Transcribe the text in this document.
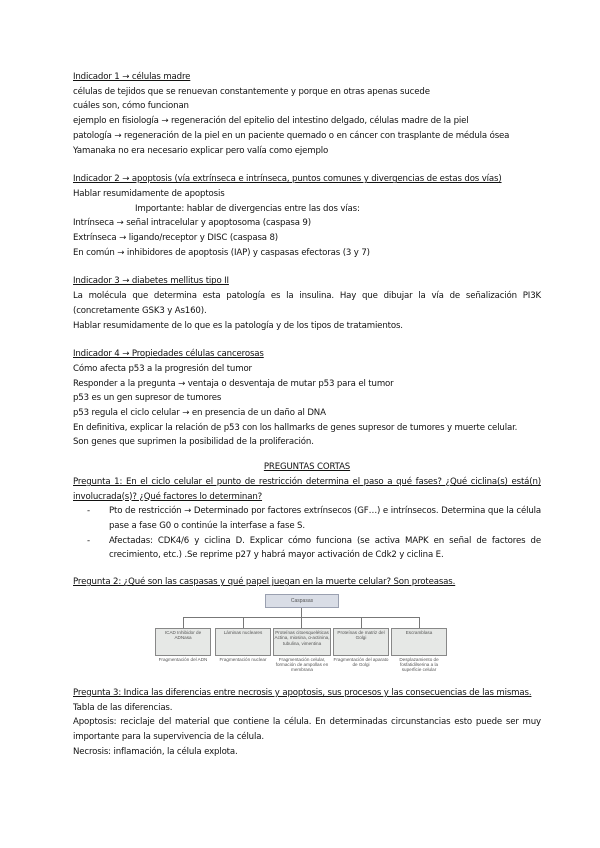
Indicador 1 → células madre
células de tejidos que se renuevan constantemente y porque en otras apenas sucede
cuáles son, cómo funcionan
ejemplo en fisiología → regeneración del epitelio del intestino delgado, células madre de la piel
patología → regeneración de la piel en un paciente quemado o en cáncer con trasplante de médula ósea
Yamanaka no era necesario explicar pero valía como ejemplo
Indicador 2 → apoptosis (vía extrínseca e intrínseca, puntos comunes y divergencias de estas dos vías)
Hablar resumidamente de apoptosis
Importante: hablar de divergencias entre las dos vías:
Intrínseca → señal intracelular y apoptosoma (caspasa 9)
Extrínseca → ligando/receptor y DISC (caspasa 8)
En común → inhibidores de apoptosis (IAP) y caspasas efectoras (3 y 7)
Indicador 3 → diabetes mellitus tipo II
La molécula que determina esta patología es la insulina. Hay que dibujar la vía de señalización PI3K (concretamente GSK3 y As160).
Hablar resumidamente de lo que es la patología y de los tipos de tratamientos.
Indicador 4 → Propiedades células cancerosas
Cómo afecta p53 a la progresión del tumor
Responder a la pregunta → ventaja o desventaja de mutar p53 para el tumor
p53 es un gen supresor de tumores
p53 regula el ciclo celular → en presencia de un daño al DNA
En definitiva, explicar la relación de p53 con los hallmarks de genes supresor de tumores y muerte celular.
Son genes que suprimen la posibilidad de la proliferación.
PREGUNTAS CORTAS
Pregunta 1: En el ciclo celular el punto de restricción determina el paso a qué fases? ¿Qué ciclina(s) está(n) involucrada(s)? ¿Qué factores lo determinan?
- Pto de restricción → Determinado por factores extrínsecos (GF…) e intrínsecos. Determina que la célula pase a fase G0 o continúe la interfase a fase S.
- Afectadas: CDK4/6 y ciclina D. Explicar cómo funciona (se activa MAPK en señal de factores de crecimiento, etc.) .Se reprime p27 y habrá mayor activación de Cdk2 y ciclina E.
Pregunta 2: ¿Qué son las caspasas y qué papel juegan en la muerte celular? Son proteasas.
Caspasas
ICAD Inhibidor de ADNasa
Láminas nucleares	Proteínas citoesqueléticas Actina, miosina, α-actinina, tubulina, vimentina
Proteínas de matriz del Golgi
Escramblasa
Fragmentación del ADN	Fragmentación nuclear	Fragmentación celular, formación de ampollas en membrana
Fragmentación del aparato de Golgi
Desplazamiento de fosfatidilserina a la superficie celular
Pregunta 3: Indica las diferencias entre necrosis y apoptosis, sus procesos y las consecuencias de las mismas.
Tabla de las diferencias.
Apoptosis: reciclaje del material que contiene la célula. En determinadas circunstancias esto puede ser muy importante para la supervivencia de la célula.
Necrosis: inflamación, la célula explota.
